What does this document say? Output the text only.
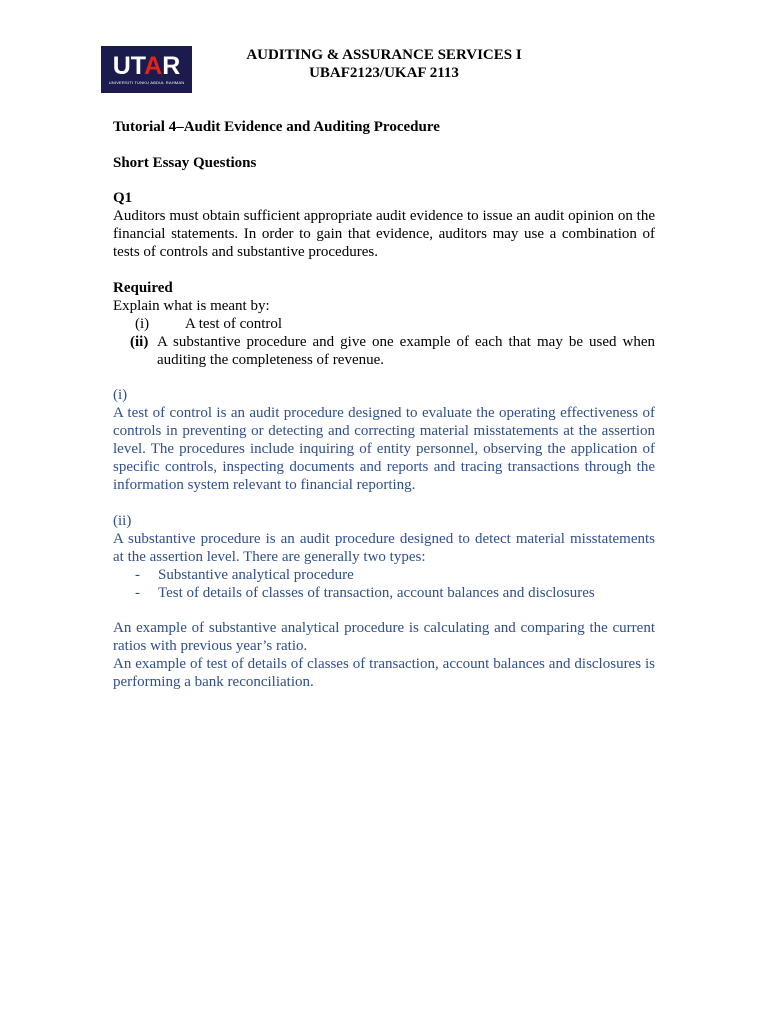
UTAR
UNIVERSITI TUNKU ABDUL RAHMAN
AUDITING & ASSURANCE SERVICES I
UBAF2123/UKAF 2113
Tutorial 4–Audit Evidence and Auditing Procedure
Short Essay Questions
Q1
Auditors must obtain sufficient appropriate audit evidence to issue an audit opinion on the financial statements. In order to gain that evidence, auditors may use a combination of tests of controls and substantive procedures.
Required
Explain what is meant by:
(i) A test of control
(ii) A substantive procedure and give one example of each that may be used when auditing the completeness of revenue.
(i)
A test of control is an audit procedure designed to evaluate the operating effectiveness of controls in preventing or detecting and correcting material misstatements at the assertion level. The procedures include inquiring of entity personnel, observing the application of specific controls, inspecting documents and reports and tracing transactions through the information system relevant to financial reporting.
(ii)
A substantive procedure is an audit procedure designed to detect material misstatements at the assertion level. There are generally two types:
- Substantive analytical procedure
- Test of details of classes of transaction, account balances and disclosures
An example of substantive analytical procedure is calculating and comparing the current ratios with previous year’s ratio.
An example of test of details of classes of transaction, account balances and disclosures is performing a bank reconciliation.
